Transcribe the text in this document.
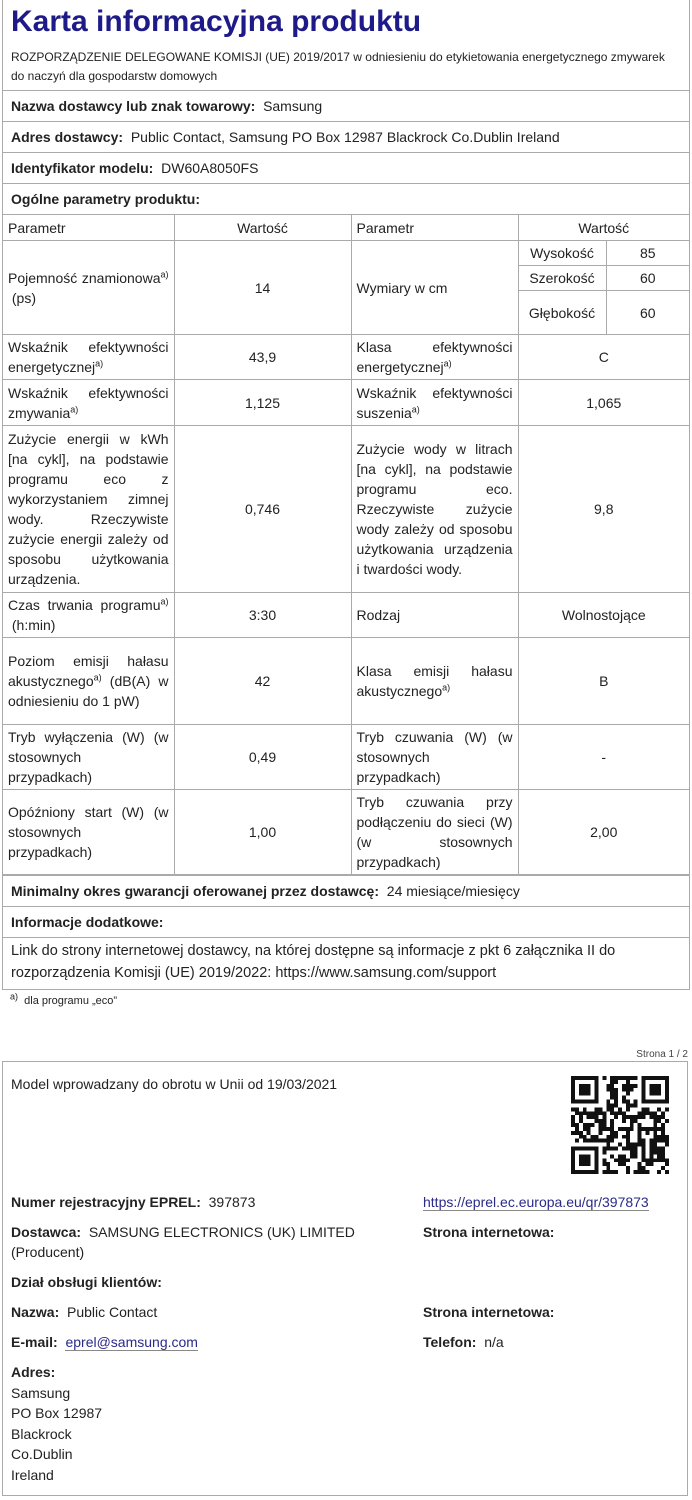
Karta informacyjna produktu
ROZPORZĄDZENIE DELEGOWANE KOMISJI (UE) 2019/2017 w odniesieniu do etykietowania energetycznego zmywarek do naczyń dla gospodarstw domowych
Nazwa dostawcy lub znak towarowy: Samsung
Adres dostawcy: Public Contact, Samsung PO Box 12987 Blackrock Co.Dublin Ireland
Identyfikator modelu: DW60A8050FS
Ogólne parametry produktu:
Parametr	Wartość	Parametr	Wartość	
Pojemność znamionowa$^{a)}$  (ps)	14	Wymiary w cm	Wysokość	85
			Szerokość	60
			Głębokość	60
Wskaźnik efektywności energetycznej$^{a)}$	43,9	Klasa efektywności energetycznej$^{a)}$	C	
Wskaźnik efektywności zmywania$^{a)}$	1,125	Wskaźnik efektywności suszenia$^{a)}$	1,065	
Zużycie energii w kWh [na cykl], na podstawie programu eco z wykorzystaniem zimnej wody. Rzeczywiste zużycie energii zależy od sposobu użytkowania urządzenia.	0,746	Zużycie wody w litrach [na cykl], na podstawie programu eco. Rzeczywiste zużycie wody zależy od sposobu użytkowania urządzenia i twardości wody.	9,8	
Czas trwania programu$^{a)}$  (h:min)	3:30	Rodzaj	Wolnostojące	
Poziom emisji hałasu akustycznego$^{a)}$ (dB(A) w odniesieniu do 1 pW)	42	Klasa emisji hałasu akustycznego$^{a)}$	B	
Tryb wyłączenia (W) (w stosownych przypadkach)	0,49	Tryb czuwania (W) (w stosownych przypadkach)	-	
Opóźniony start (W) (w stosownych przypadkach)	1,00	Tryb czuwania przy podłączeniu do sieci (W) (w stosownych przypadkach)	2,00	
Minimalny okres gwarancji oferowanej przez dostawcę: 24 miesiące/miesięcy
Informacje dodatkowe:
Link do strony internetowej dostawcy, na której dostępne są informacje z pkt 6 załącznika II do rozporządzenia Komisji (UE) 2019/2022: https://www.samsung.com/support
$^{a)}$ dla programu „eco”
Strona 1 / 2
Model wprowadzany do obrotu w Unii od 19/03/2021
Numer rejestracyjny EPREL: 397873	https://eprel.ec.europa.eu/qr/397873
Dostawca: SAMSUNG ELECTRONICS (UK) LIMITED (Producent)
Strona internetowa:
Dział obsługi klientów:
Nazwa: Public Contact	Strona internetowa:
E-mail: eprel@samsung.com	Telefon: n/a
Adres:
Samsung
PO Box 12987
Blackrock
Co.Dublin
Ireland
